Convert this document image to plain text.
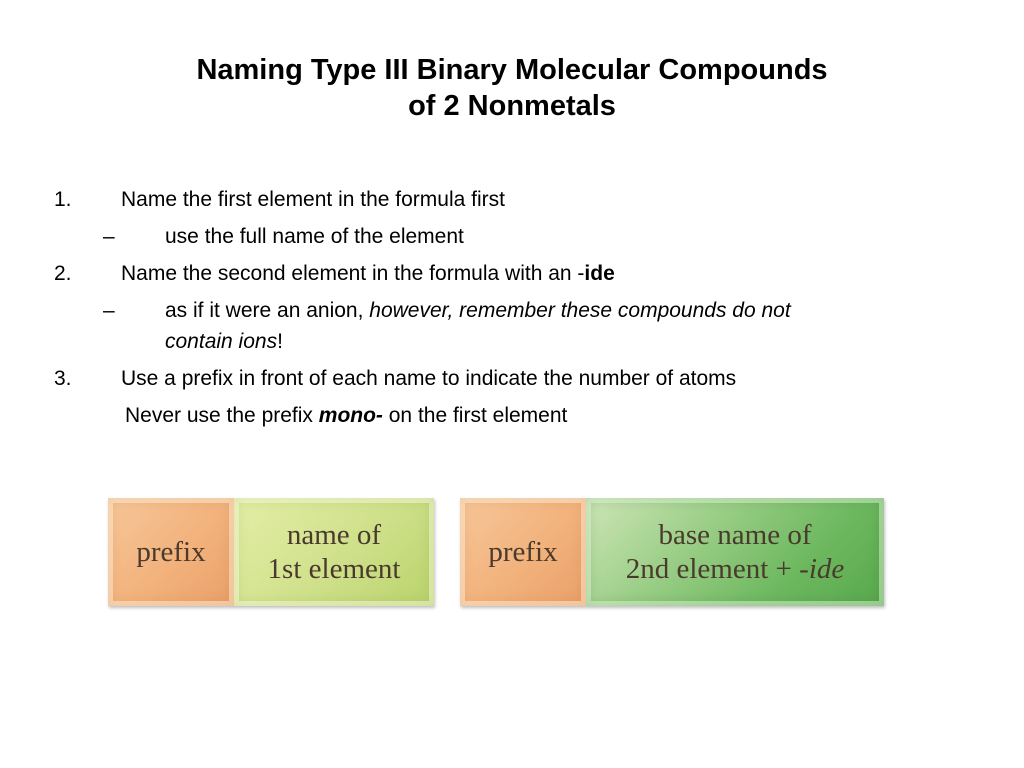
Naming Type III Binary Molecular Compounds
of 2 Nonmetals
1. Name the first element in the formula first
– use the full name of the element
2. Name the second element in the formula with an -ide
– as if it were an anion, however, remember these compounds do not
contain ions!
3. Use a prefix in front of each name to indicate the number of atoms
Never use the prefix mono- on the first element
prefix
name of
1st element
prefix
base name of
2nd element + -ide
